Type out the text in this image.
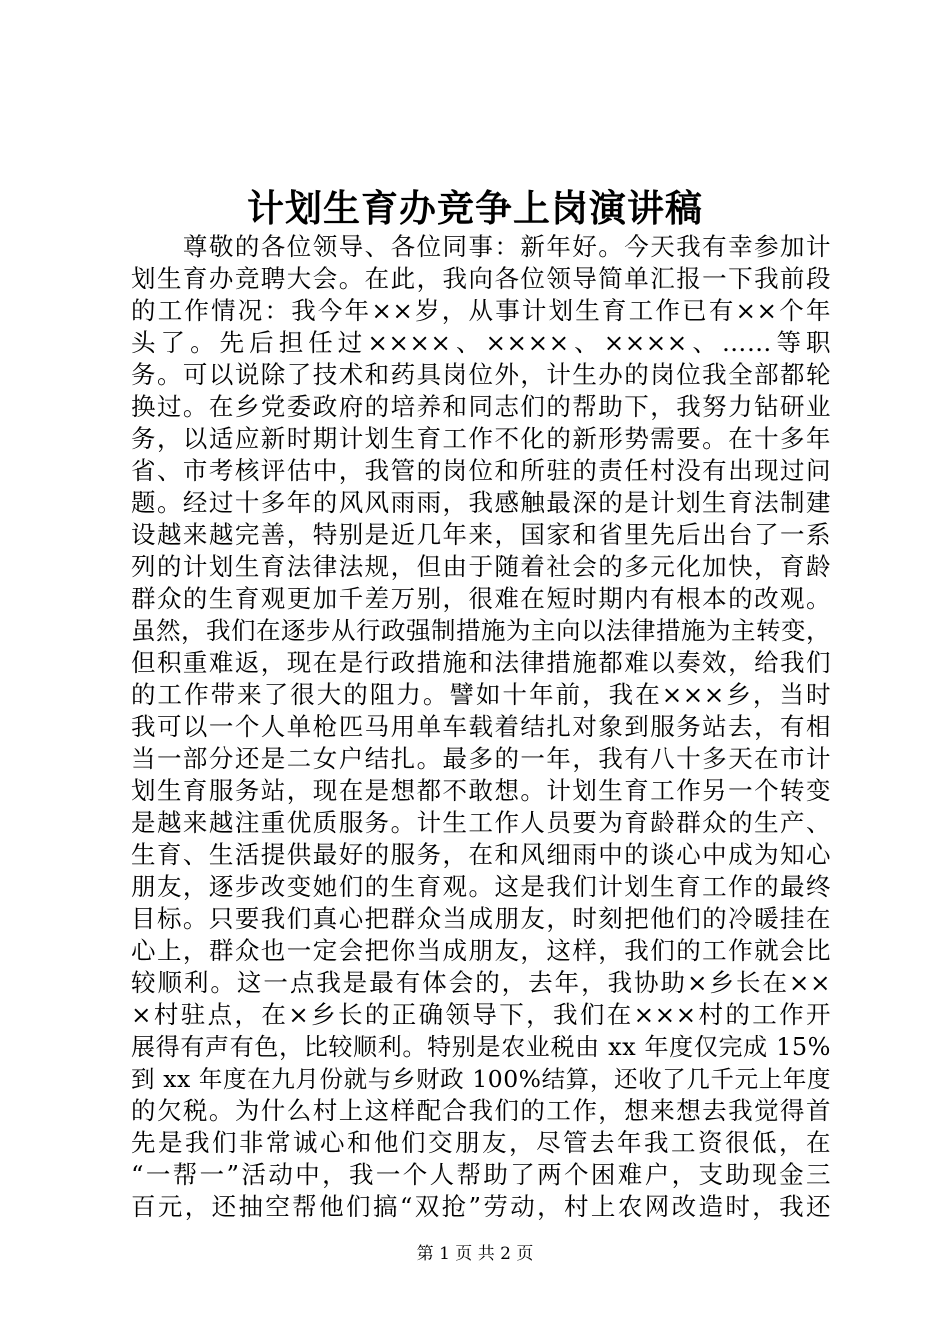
计划生育办竞争上岗演讲稿
　　尊敬的各位领导、各位同事：新年好。今天我有幸参加计
划生育办竞聘大会。在此，我向各位领导简单汇报一下我前段
的工作情况：我今年××岁，从事计划生育工作已有××个年
头了。先后担任过××××、××××、××××、……等职
务。可以说除了技术和药具岗位外，计生办的岗位我全部都轮
换过。在乡党委政府的培养和同志们的帮助下，我努力钻研业
务，以适应新时期计划生育工作不化的新形势需要。在十多年
省、市考核评估中，我管的岗位和所驻的责任村没有出现过问
题。经过十多年的风风雨雨，我感触最深的是计划生育法制建
设越来越完善，特别是近几年来，国家和省里先后出台了一系
列的计划生育法律法规，但由于随着社会的多元化加快，育龄
群众的生育观更加千差万别，很难在短时期内有根本的改观。
虽然，我们在逐步从行政强制措施为主向以法律措施为主转变，
但积重难返，现在是行政措施和法律措施都难以奏效，给我们
的工作带来了很大的阻力。譬如十年前，我在×××乡，当时
我可以一个人单枪匹马用单车载着结扎对象到服务站去，有相
当一部分还是二女户结扎。最多的一年，我有八十多天在市计
划生育服务站，现在是想都不敢想。计划生育工作另一个转变
是越来越注重优质服务。计生工作人员要为育龄群众的生产、
生育、生活提供最好的服务，在和风细雨中的谈心中成为知心
朋友，逐步改变她们的生育观。这是我们计划生育工作的最终
目标。只要我们真心把群众当成朋友，时刻把他们的冷暖挂在
心上，群众也一定会把你当成朋友，这样，我们的工作就会比
较顺利。这一点我是最有体会的，去年，我协助×乡长在××
×村驻点，在×乡长的正确领导下，我们在×××村的工作开
展得有声有色，比较顺利。特别是农业税由 xx 年度仅完成 15%
到 xx 年度在九月份就与乡财政 100%结算，还收了几千元上年度
的欠税。为什么村上这样配合我们的工作，想来想去我觉得首
先是我们非常诚心和他们交朋友，尽管去年我工资很低，在
“一帮一”活动中，我一个人帮助了两个困难户，支助现金三
百元，还抽空帮他们搞“双抢”劳动，村上农网改造时，我还
第 1 页 共 2 页
